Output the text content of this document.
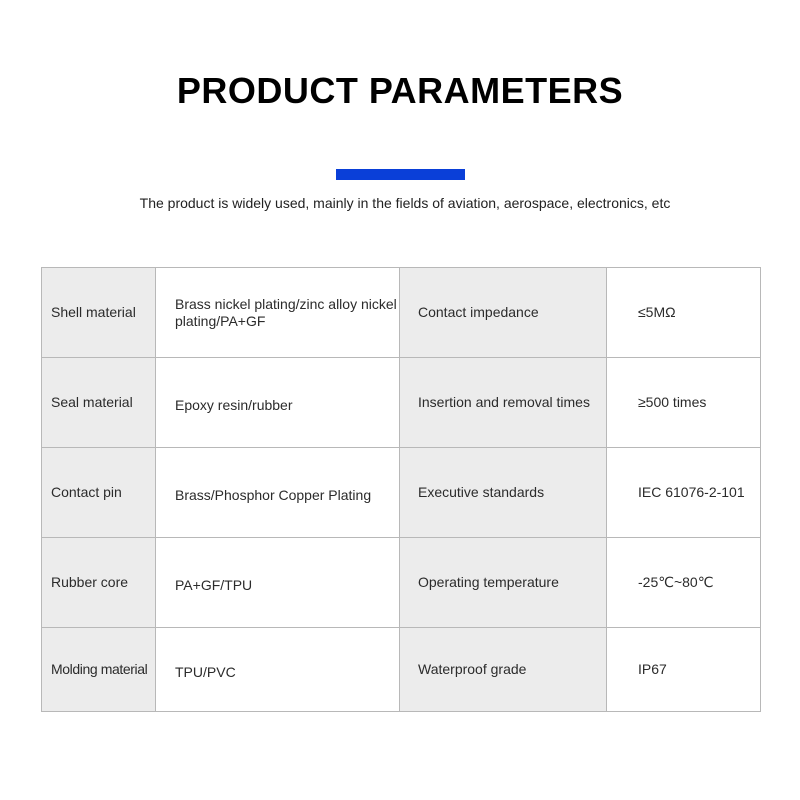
PRODUCT PARAMETERS
The product is widely used, mainly in the fields of aviation, aerospace, electronics, etc
Shell material	Brass nickel plating/zinc alloy nickel plating/PA+GF	Contact impedance	≤5MΩ
Seal material	Epoxy resin/rubber	Insertion and removal times	≥500 times
Contact pin	Brass/Phosphor Copper Plating	Executive standards	IEC 61076-2-101
Rubber core	PA+GF/TPU	Operating temperature	-25℃~80℃
Molding material	TPU/PVC	Waterproof grade	IP67
